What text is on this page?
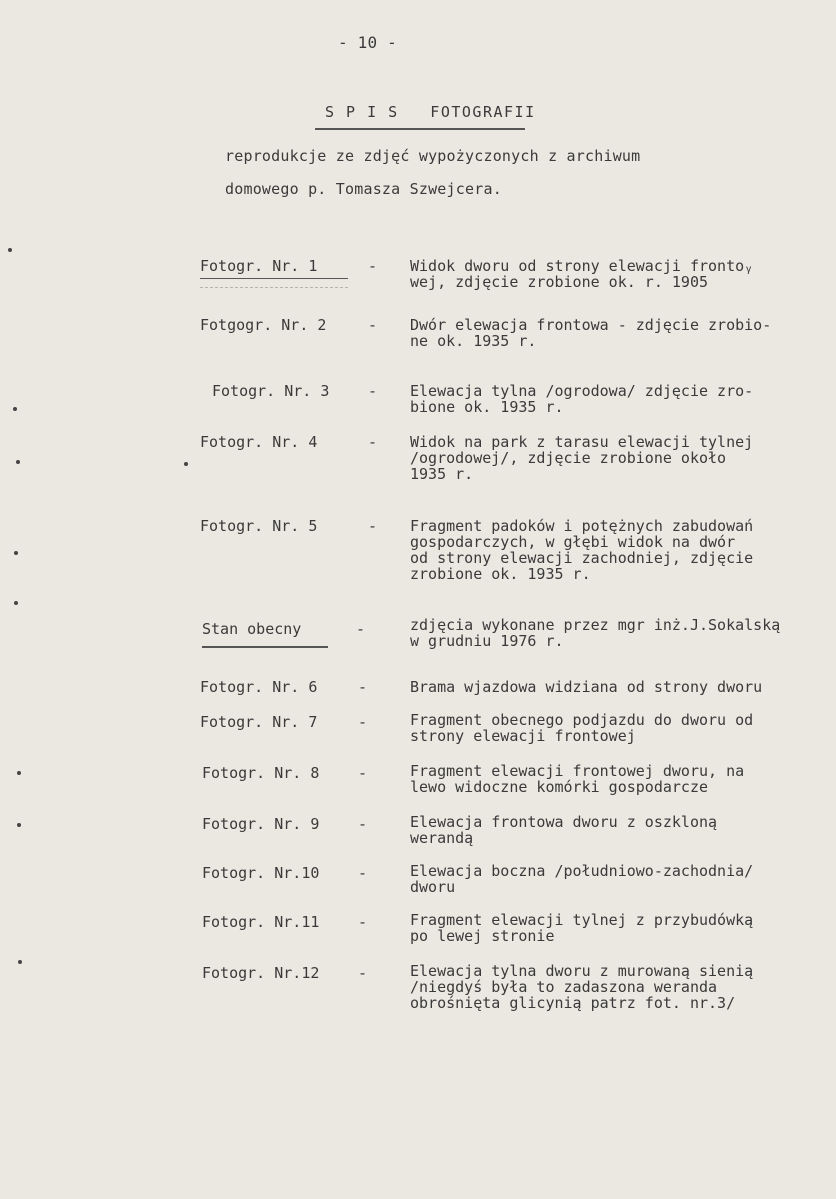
- 10 -
S P I S   FOTOGRAFII
reprodukcje ze zdjęć wypożyczonych z archiwum
domowego p. Tomasza Szwejcera.
Fotogr. Nr. 1	- Widok dworu od strony elewacji frontoᵧ
wej, zdjęcie zrobione ok. r. 1905
Fotgogr. Nr. 2	- Dwór elewacja frontowa - zdjęcie zrobio-
ne ok. 1935 r.
Fotogr. Nr. 3	- Elewacja tylna /ogrodowa/ zdjęcie zro-
bione ok. 1935 r.
Fotogr. Nr. 4	- Widok na park z tarasu elewacji tylnej
/ogrodowej/, zdjęcie zrobione około
1935 r.
Fotogr. Nr. 5	- Fragment padoków i potężnych zabudowań
gospodarczych, w głębi widok na dwór
od strony elewacji zachodniej, zdjęcie
zrobione ok. 1935 r.
Stan obecny	-	zdjęcia wykonane przez mgr inż.J.Sokalską
w grudniu 1976 r.
Fotogr. Nr. 6	-	Brama wjazdowa widziana od strony dworu
Fotogr. Nr. 7	-	Fragment obecnego podjazdu do dworu od
strony elewacji frontowej
Fotogr. Nr. 8	-	Fragment elewacji frontowej dworu, na
lewo widoczne komórki gospodarcze
Fotogr. Nr. 9	-	Elewacja frontowa dworu z oszkloną
werandą
Fotogr. Nr.10	-	Elewacja boczna /południowo-zachodnia/
dworu
Fotogr. Nr.11	-	Fragment elewacji tylnej z przybudówką
po lewej stronie
Fotogr. Nr.12	-	Elewacja tylna dworu z murowaną sienią
/niegdyś była to zadaszona weranda
obrośnięta glicynią patrz fot. nr.3/
